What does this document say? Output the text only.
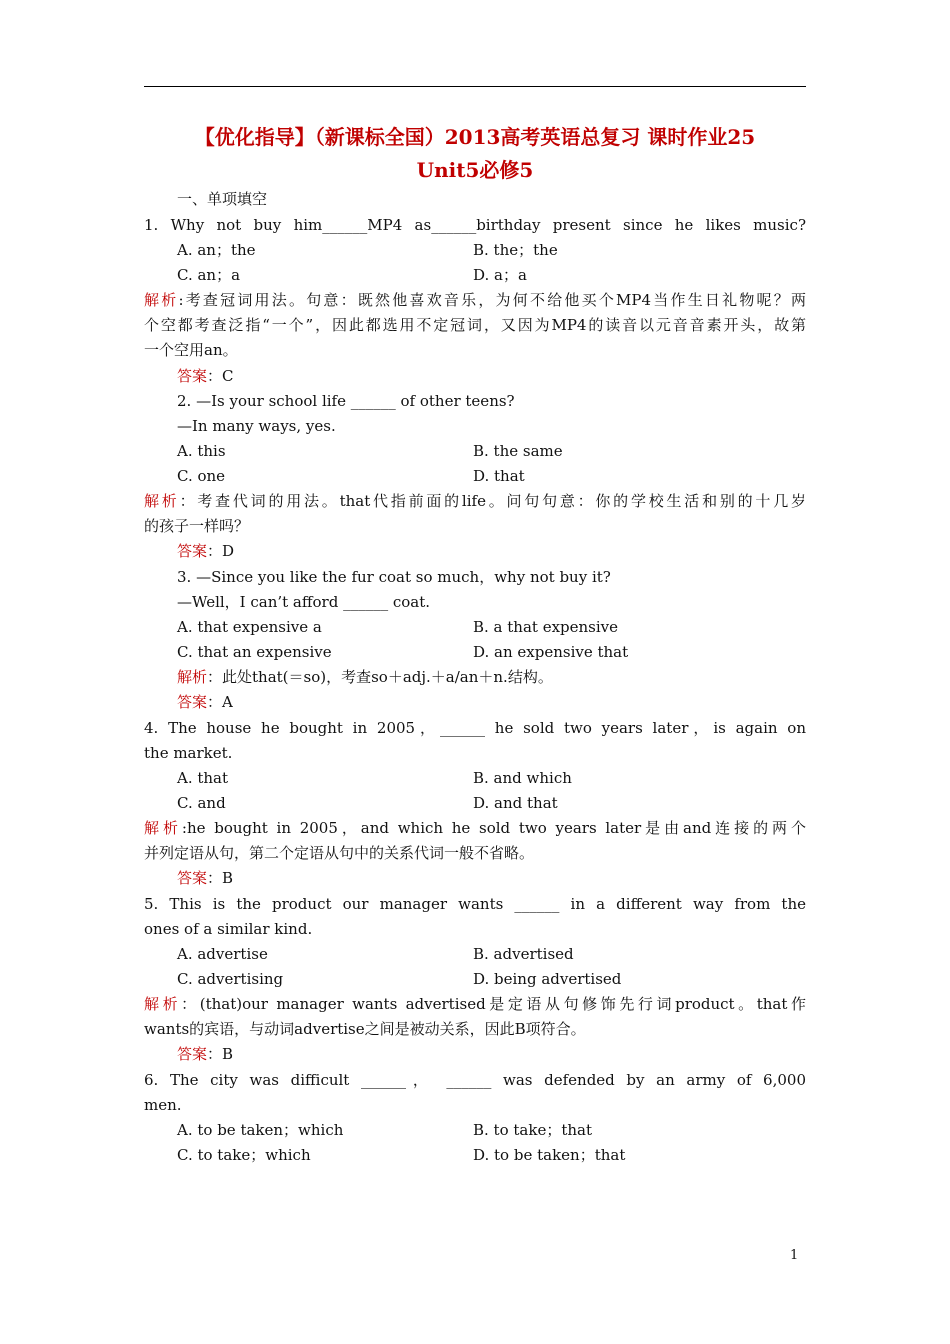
【优化指导】（新课标全国）2013高考英语总复习 课时作业25
Unit5必修5
一、单项填空
1. Why not buy him______MP4 as______birthday present since he likes music?
A. an；the	B. the；the
C. an；a	D. a；a
解析:考查冠词用法。句意：既然他喜欢音乐，为何不给他买个MP4当作生日礼物呢？两
个空都考查泛指“一个”，因此都选用不定冠词，又因为MP4的读音以元音音素开头，故第
一个空用an。
答案：C
2. —Is your school life ______ of other teens?
—In many ways, yes.
A. this	B. the same
C. one	D. that
解析：考查代词的用法。that代指前面的life。问句句意：你的学校生活和别的十几岁
的孩子一样吗？
答案：D
3. —Since you like the fur coat so much，why not buy it?
—Well，I can’t afford ______ coat.
A. that expensive a	B. a that expensive
C. that an expensive	D. an expensive that
解析：此处that(＝so)，考查so＋adj.＋a/an＋n.结构。
答案：A
4. The house he bought in 2005，______ he sold two years later，is again on
the market.
A. that	B. and which
C. and	D. and that
解析:he bought in 2005，and which he sold two years later是由and连接的两个
并列定语从句，第二个定语从句中的关系代词一般不省略。
答案：B
5. This is the product our manager wants ______ in a different way from the
ones of a similar kind.
A. advertise	B. advertised
C. advertising	D. being advertised
解析：(that)our manager wants advertised是定语从句修饰先行词product。that作
wants的宾语，与动词advertise之间是被动关系，因此B项符合。
答案：B
6. The city was difficult ______， ______ was defended by an army of 6,000
men.
A. to be taken；which	B. to take；that
C. to take；which	D. to be taken；that
1
